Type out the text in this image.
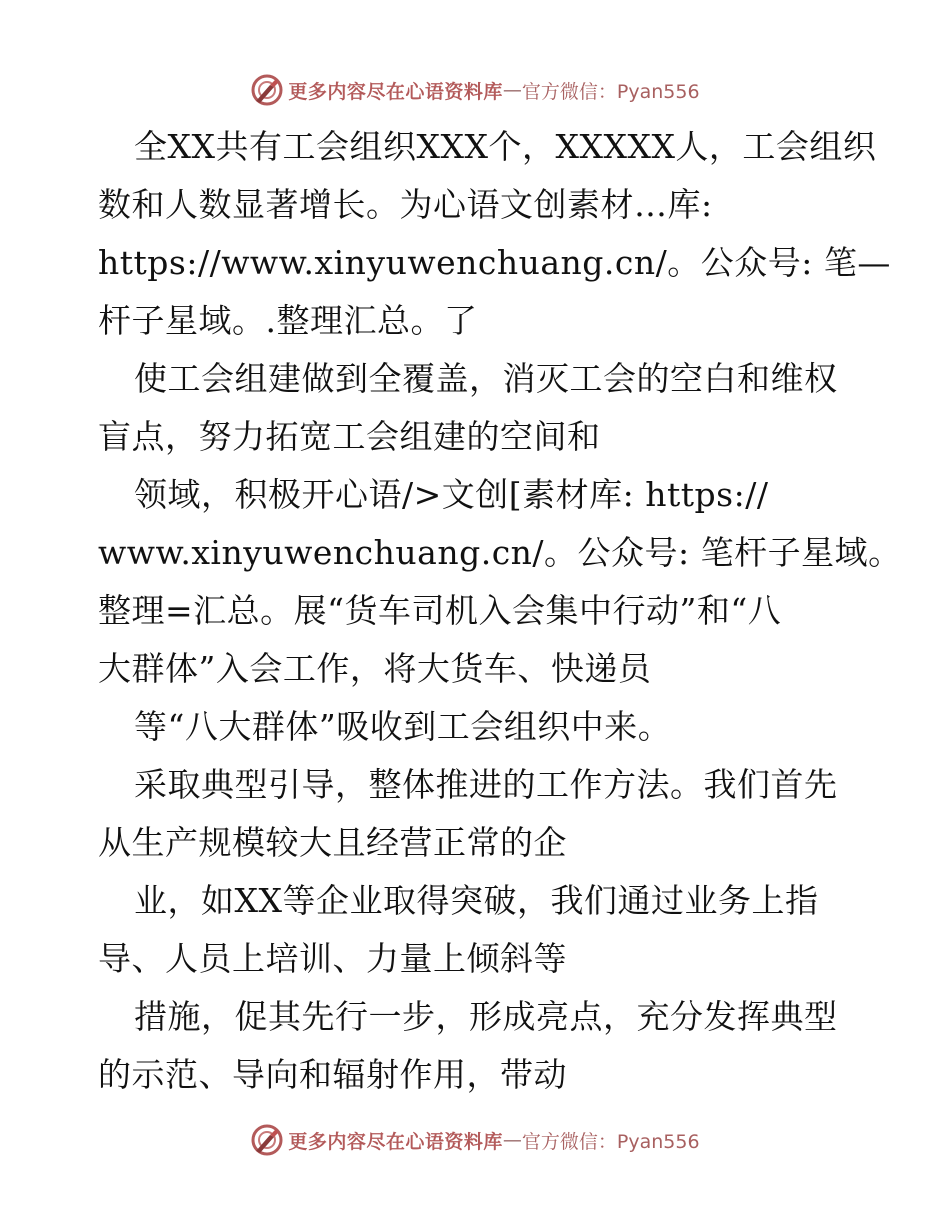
更多内容尽在心语资料库 — 官方微信：Pyan556
全XX共有工会组织XXX个，XXXXX人，工会组织
数和人数显著增长。为心语文创素材…库:
https://www.xinyuwenchuang.cn/。公众号: 笔—
杆子星域。.整理汇总。了
使工会组建做到全覆盖，消灭工会的空白和维权
盲点，努力拓宽工会组建的空间和
领域，积极开心语/>文创[素材库: https://
www.xinyuwenchuang.cn/。公众号: 笔杆子星域。
整理=汇总。展“货车司机入会集中行动”和“八
大群体”入会工作，将大货车、快递员
等“八大群体”吸收到工会组织中来。
采取典型引导，整体推进的工作方法。我们首先
从生产规模较大且经营正常的企
业，如XX等企业取得突破，我们通过业务上指
导、人员上培训、力量上倾斜等
措施，促其先行一步，形成亮点，充分发挥典型
的示范、导向和辐射作用，带动
更多内容尽在心语资料库 — 官方微信：Pyan556
